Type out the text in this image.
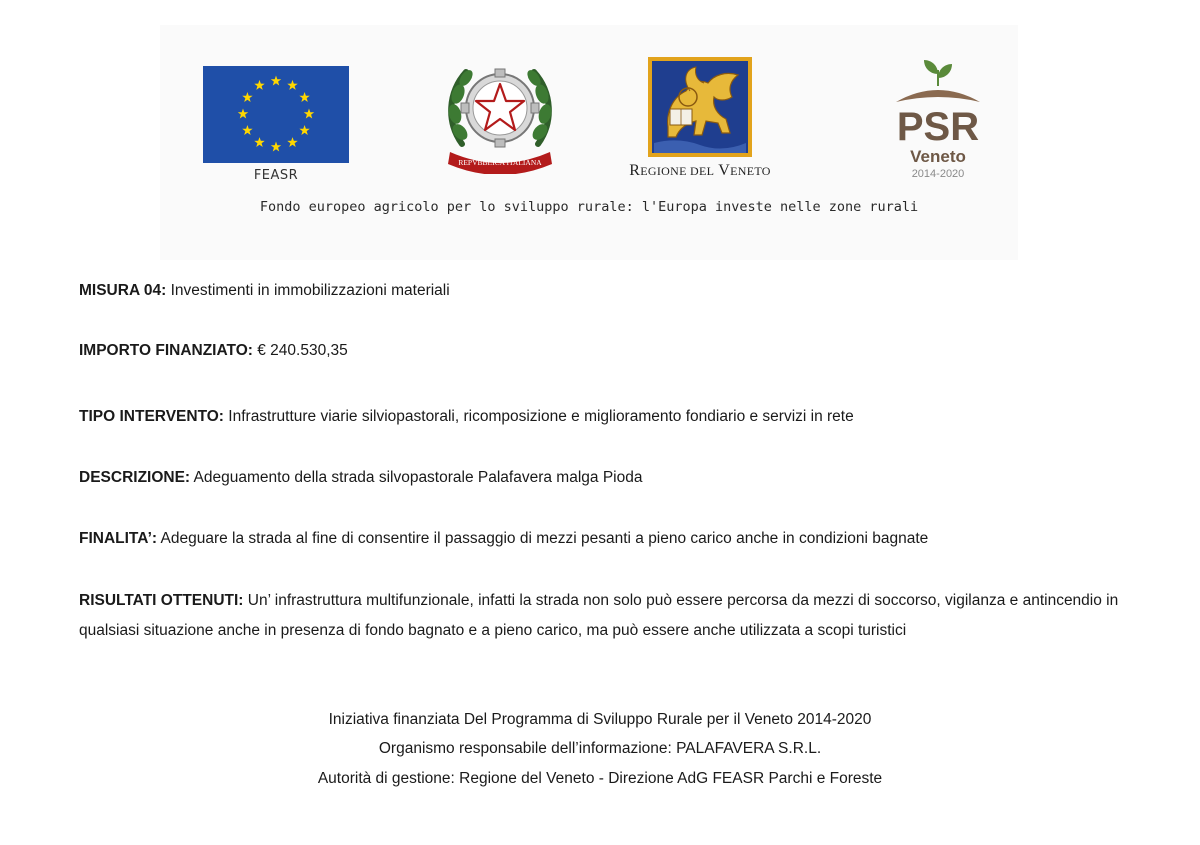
FEASR
REPVBBLICA ITALIANA	REGIONE DEL VENETO
PSR
Veneto
2014-2020
Fondo europeo agricolo per lo sviluppo rurale: l'Europa investe nelle zone rurali

MISURA 04: Investimenti in immobilizzazioni materiali

IMPORTO FINANZIATO: € 240.530,35

TIPO INTERVENTO: Infrastrutture viarie silviopastorali, ricomposizione e miglioramento fondiario e servizi in rete

DESCRIZIONE: Adeguamento della strada silvopastorale Palafavera malga Pioda

FINALITA’: Adeguare la strada al fine di consentire il passaggio di mezzi pesanti a pieno carico anche in condizioni bagnate

RISULTATI OTTENUTI: Un’ infrastruttura multifunzionale, infatti la strada non solo può essere percorsa da mezzi di soccorso, vigilanza e antincendio in qualsiasi situazione anche in presenza di fondo bagnato e a pieno carico, ma può essere anche utilizzata a scopi turistici

Iniziativa finanziata Del Programma di Sviluppo Rurale per il Veneto 2014-2020

Organismo responsabile dell’informazione: PALAFAVERA S.R.L.

Autorità di gestione: Regione del Veneto - Direzione AdG FEASR Parchi e Foreste
